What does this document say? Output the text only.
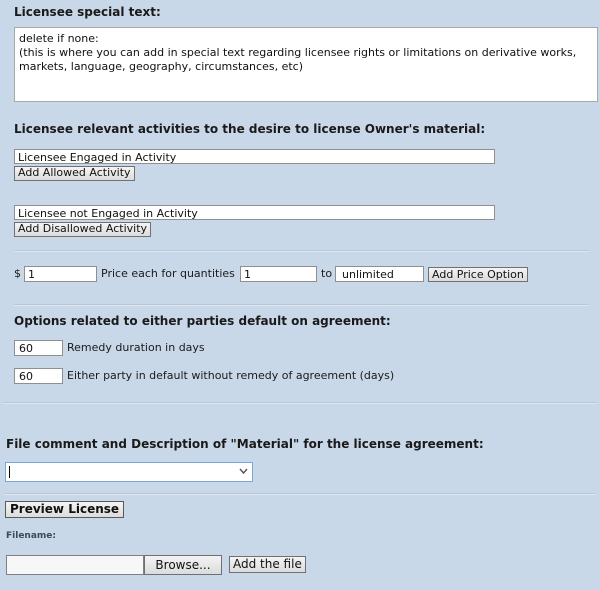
Licensee special text:
delete if none:
(this is where you can add in special text regarding licensee rights or limitations on derivative works,
markets, language, geography, circumstances, etc)
Licensee relevant activities to the desire to license Owner's material:
Licensee Engaged in Activity
Add Allowed Activity
Licensee not Engaged in Activity
Add Disallowed Activity
$ 1	Price each for quantities 1	to unlimited	Add Price Option
Options related to either parties default on agreement:
60	Remedy duration in days
60	Either party in default without remedy of agreement (days)
File comment and Description of "Material" for the license agreement:
Preview License
Filename:
Browse...	Add the file
